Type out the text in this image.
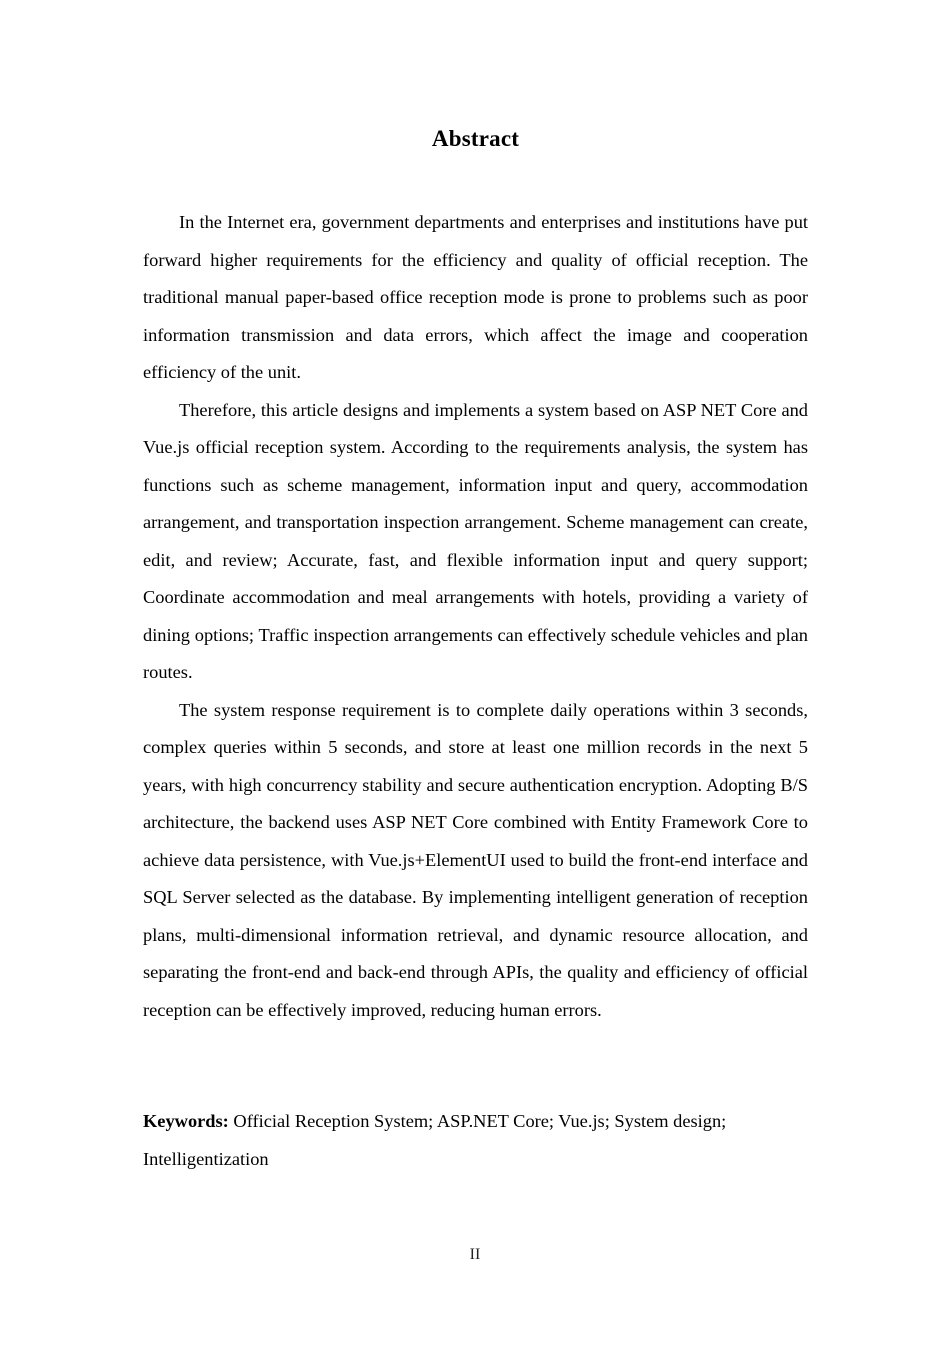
Abstract

In the Internet era, government departments and enterprises and institutions have put forward higher requirements for the efficiency and quality of official reception. The traditional manual paper-based office reception mode is prone to problems such as poor information transmission and data errors, which affect the image and cooperation efficiency of the unit.

Therefore, this article designs and implements a system based on ASP NET Core and Vue.js official reception system. According to the requirements analysis, the system has functions such as scheme management, information input and query, accommodation arrangement, and transportation inspection arrangement. Scheme management can create, edit, and review; Accurate, fast, and flexible information input and query support; Coordinate accommodation and meal arrangements with hotels, providing a variety of dining options; Traffic inspection arrangements can effectively schedule vehicles and plan routes.

The system response requirement is to complete daily operations within 3 seconds, complex queries within 5 seconds, and store at least one million records in the next 5 years, with high concurrency stability and secure authentication encryption. Adopting B/S architecture, the backend uses ASP NET Core combined with Entity Framework Core to achieve data persistence, with Vue.js+ElementUI used to build the front-end interface and SQL Server selected as the database. By implementing intelligent generation of reception plans, multi-dimensional information retrieval, and dynamic resource allocation, and separating the front-end and back-end through APIs, the quality and efficiency of official reception can be effectively improved, reducing human errors.

Keywords: Official Reception System; ASP.NET Core; Vue.js; System design; Intelligentization

II
